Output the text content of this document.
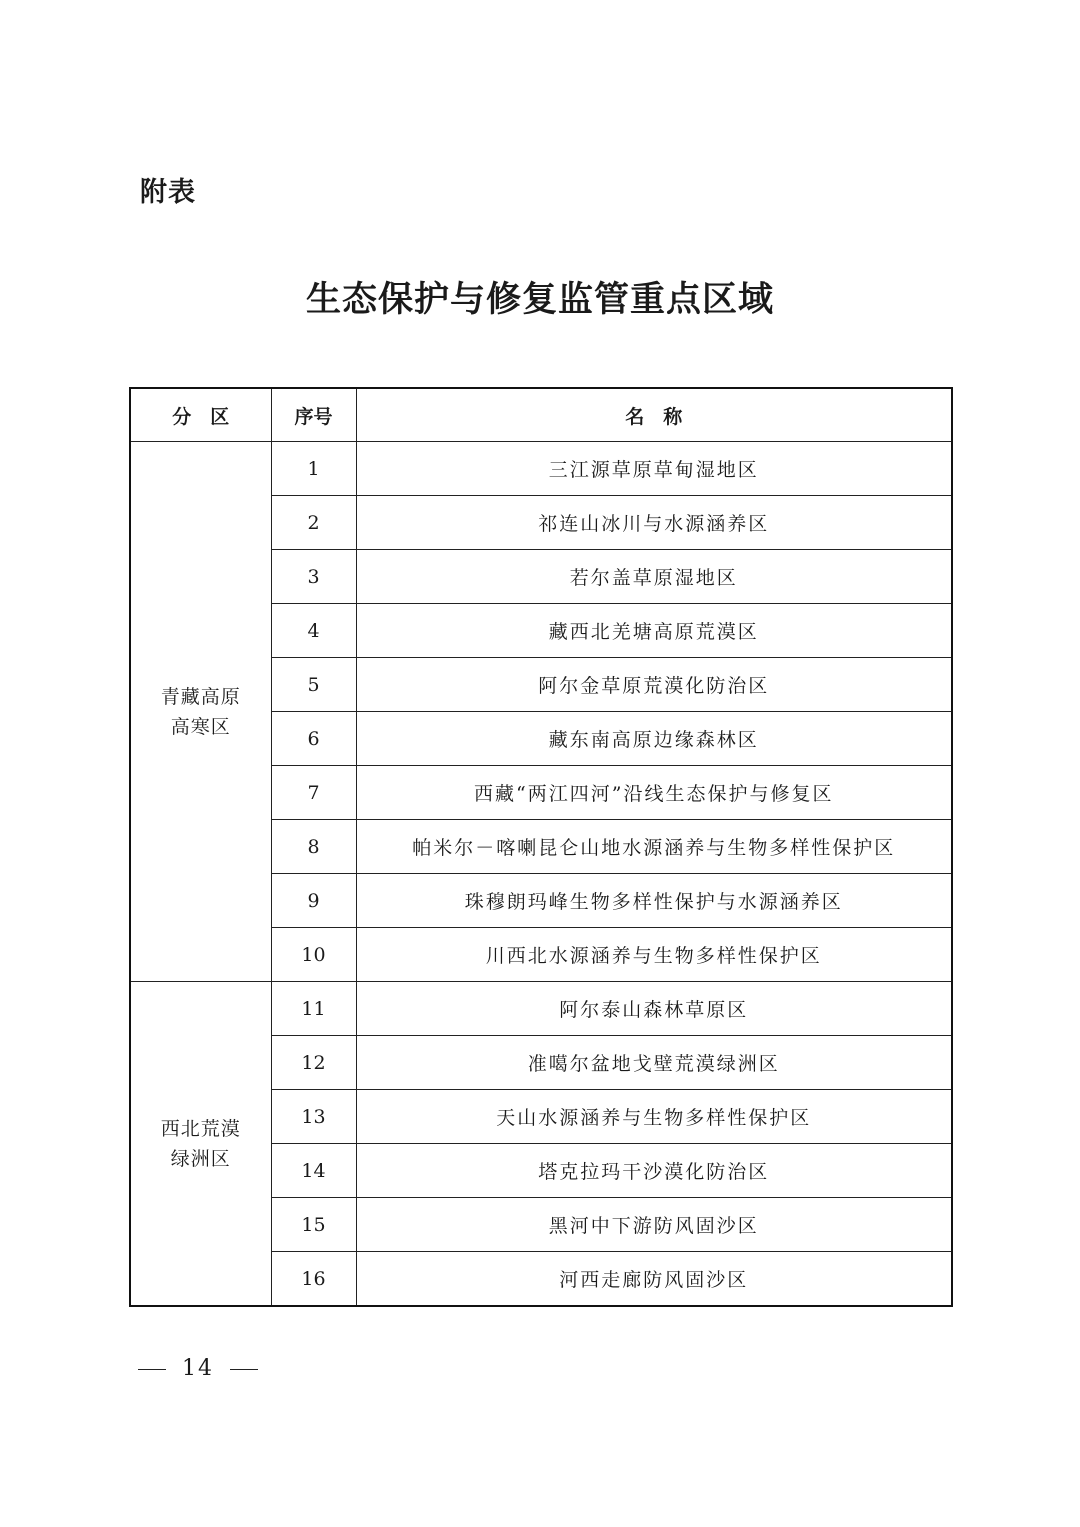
附表
生态保护与修复监管重点区域
分　区	序号	名　称

青藏高原
高寒区	1	三江源草原草甸湿地区
	2	祁连山冰川与水源涵养区
	3	若尔盖草原湿地区
	4	藏西北羌塘高原荒漠区
	5	阿尔金草原荒漠化防治区
	6	藏东南高原边缘森林区
	7	西藏“两江四河”沿线生态保护与修复区
	8	帕米尔－喀喇昆仑山地水源涵养与生物多样性保护区
	9	珠穆朗玛峰生物多样性保护与水源涵养区
	10	川西北水源涵养与生物多样性保护区

西北荒漠
绿洲区	11	阿尔泰山森林草原区
	12	准噶尔盆地戈壁荒漠绿洲区
	13	天山水源涵养与生物多样性保护区
	14	塔克拉玛干沙漠化防治区
	15	黑河中下游防风固沙区
	16	河西走廊防风固沙区
14
